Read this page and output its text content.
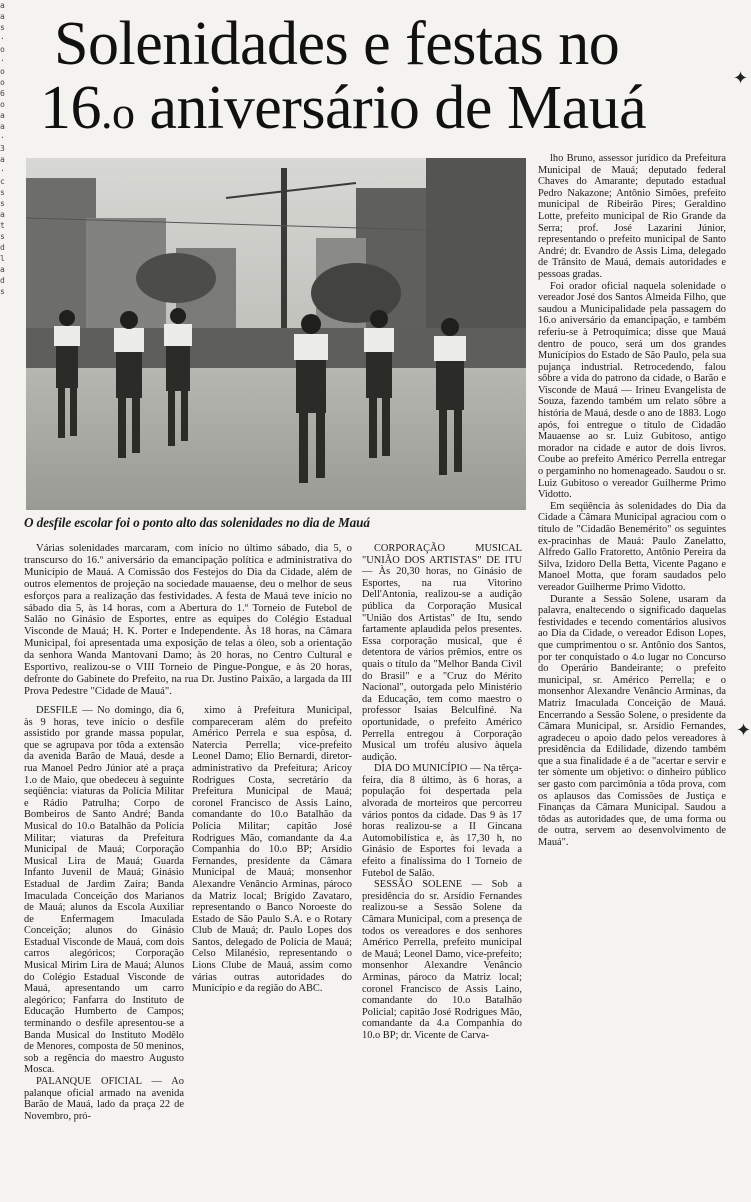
a
a
s
·
o
·
o
o
6
o
a
a
·
3
a
·
c
s
s
a
t
s
d
l
a
d
s
Solenidades e festas no
16.o aniversário de Mauá

O desfile escolar foi o ponto alto das solenidades no dia de Mauá

Várias solenidades marcaram, com início no último sábado, dia 5, o transcurso do 16.º aniversário da emancipação política e administrativa do Município de Mauá. A Comissão dos Festejos do Dia da Cidade, além de outros elementos de projeção na sociedade mauaense, deu o melhor de seus esforços para a realização das festividades. A festa de Mauá teve início no sábado dia 5, às 14 horas, com a Abertura do 1.º Torneio de Futebol de Salão no Ginásio de Esportes, entre as equipes do Colégio Estadual Visconde de Mauá; H. K. Porter e Independente. Às 18 horas, na Câmara Municipal, foi apresentada uma exposição de telas a óleo, sob a orientação da senhora Wanda Mantovani Damo; às 20 horas, no Centro Cultural e Esportivo, realizou-se o VIII Torneio de Pingue-Pongue, e às 20 horas, defronte do Gabinete do Prefeito, na rua Dr. Justino Paixão, a largada da III Prova Pedestre "Cidade de Mauá".

DESFILE — No domingo, dia 6, às 9 horas, teve início o desfile assistido por grande massa popular, que se agrupava por tôda a extensão da avenida Barão de Mauá, desde a rua Manoel Pedro Júnior até a praça 1.o de Maio, que obedeceu à seguinte seqüência: viaturas da Polícia Militar e Rádio Patrulha; Corpo de Bombeiros de Santo André; Banda Musical do 10.o Batalhão da Polícia Militar; viaturas da Prefeitura Municipal de Mauá; Corporação Musical Lira de Mauá; Guarda Infanto Juvenil de Mauá; Ginásio Estadual de Jardim Zaíra; Banda Imaculada Conceição dos Marianos de Mauá; alunos da Escola Auxiliar de Enfermagem Imaculada Conceição; alunos do Ginásio Estadual Visconde de Mauá, com dois carros alegóricos; Corporação Musical Mirim Lira de Mauá; Alunos do Colégio Estadual Visconde de Mauá, apresentando um carro alegórico; Fanfarra do Instituto de Educação Humberto de Campos; terminando o desfile apresentou-se a Banda Musical do Instituto Modêlo de Menores, composta de 50 meninos, sob a regência do maestro Augusto Mosca.

PALANQUE OFICIAL — Ao palanque oficial armado na avenida Barão de Mauá, lado da praça 22 de Novembro, pró-

ximo à Prefeitura Municipal, compareceram além do prefeito Américo Perrela e sua espôsa, d. Natercia Perrella; vice-prefeito Leonel Damo; Elio Bernardi, diretor-administrativo da Prefeitura; Aricoy Rodrigues Costa, secretário da Prefeitura Municipal de Mauá; coronel Francisco de Assis Laino, comandante do 10.o Batalhão da Polícia Militar; capitão José Rodrigues Mão, comandante da 4.a Companhia do 10.o BP; Arsídio Fernandes, presidente da Câmara Municipal de Mauá; monsenhor Alexandre Venâncio Arminas, pároco da Matriz local; Brígido Zavataro, representando o Banco Noroeste do Estado de São Paulo S.A. e o Rotary Club de Mauá; dr. Paulo Lopes dos Santos, delegado de Polícia de Mauá; Celso Milanésio, representando o Lions Clube de Mauá, assim como várias outras autoridades do Município e da região do ABC.

CORPORAÇÃO MUSICAL "UNIÃO DOS ARTISTAS" DE ITU — Às 20,30 horas, no Ginásio de Esportes, na rua Vitorino Dell'Antonia, realizou-se a audição pública da Corporação Musical "União dos Artistas" de Itu, sendo fartamente aplaudida pelos presentes. Essa corporação musical, que é detentora de vários prêmios, entre os quais o título da "Melhor Banda Civil do Brasil" e a "Cruz do Mérito Nacional", outorgada pelo Ministério da Educação, tem como maestro o professor Isaias Belculfiné. Na oportunidade, o prefeito Américo Perrella entregou à Corporação Musical um troféu alusivo àquela audição.

DIA DO MUNICÍPIO — Na têrça-feira, dia 8 último, às 6 horas, a população foi despertada pela alvorada de morteiros que percorreu vários pontos da cidade. Das 9 às 17 horas realizou-se a II Gincana Automobilística e, às 17,30 h, no Ginásio de Esportes foi levada a efeito a finalíssima do I Torneio de Futebol de Salão.

SESSÃO SOLENE — Sob a presidência do sr. Arsídio Fernandes realizou-se a Sessão Solene da Câmara Municipal, com a presença de todos os vereadores e dos senhores Américo Perrella, prefeito municipal de Mauá; Leonel Damo, vice-prefeito; monsenhor Alexandre Venâncio Arminas, pároco da Matriz local; coronel Francisco de Assis Laino, comandante do 10.o Batalhão Policial; capitão José Rodrigues Mão, comandante da 4.a Companhia do 10.o BP; dr. Vicente de Carva-

lho Bruno, assessor jurídico da Prefeitura Municipal de Mauá; deputado federal Chaves do Amarante; deputado estadual Pedro Nakazone; Antônio Simões, prefeito municipal de Ribeirão Pires; Geraldino Lotte, prefeito municipal de Rio Grande da Serra; prof. José Lazarini Júnior, representando o prefeito municipal de Santo André; dr. Evandro de Assis Lima, delegado de Trânsito de Mauá, demais autoridades e pessoas gradas.

Foi orador oficial naquela solenidade o vereador José dos Santos Almeida Filho, que saudou a Municipalidade pela passagem do 16.o aniversário da emancipação, e também referiu-se à Petroquímica; disse que Mauá dentro de pouco, será um dos grandes Municípios do Estado de São Paulo, pela sua pujança industrial. Retrocedendo, falou sôbre a vida do patrono da cidade, o Barão e Visconde de Mauá — Irineu Evangelista de Souza, fazendo também um relato sôbre a história de Mauá, desde o ano de 1883. Logo após, foi entregue o título de Cidadão Mauaense ao sr. Luiz Gubitoso, antigo morador na cidade e autor de dois livros. Coube ao prefeito Américo Perrella entregar o pergaminho no homenageado. Saudou o sr. Luiz Gubitoso o vereador Guilherme Primo Vidotto.

Em seqüência às solenidades do Dia da Cidade a Câmara Municipal agraciou com o título de "Cidadão Benemérito" os seguintes ex-pracinhas de Mauá: Paulo Zanelatto, Alfredo Gallo Fratoretto, Antônio Pereira da Silva, Izidoro Della Betta, Vicente Pagano e Manoel Motta, que foram saudados pelo vereador Guilherme Primo Vidotto.

Durante a Sessão Solene, usaram da palavra, enaltecendo o significado daquelas festividades e tecendo comentários alusivos ao Dia da Cidade, o vereador Edison Lopes, que cumprimentou o sr. Antônio dos Santos, por ter conquistado o 4.o lugar no Concurso do Operário Bandeirante; o prefeito municipal, sr. Américo Perrella; e o monsenhor Alexandre Venâncio Arminas, da Matriz Imaculada Conceição de Mauá. Encerrando a Sessão Solene, o presidente da Câmara Municipal, sr. Arsídio Fernandes, agradeceu o apoio dado pelos vereadores à presidência da Edilidade, dizendo também que a sua finalidade é a de "acertar e servir e ter sòmente um objetivo: o dinheiro público ser gasto com parcimônia a tôda prova, com os aplausos das Comissões de Justiça e Finanças da Câmara Municipal. Saudou a tôdas as autoridades que, de uma forma ou de outra, servem ao desenvolvimento de Mauá".

✦
✦
